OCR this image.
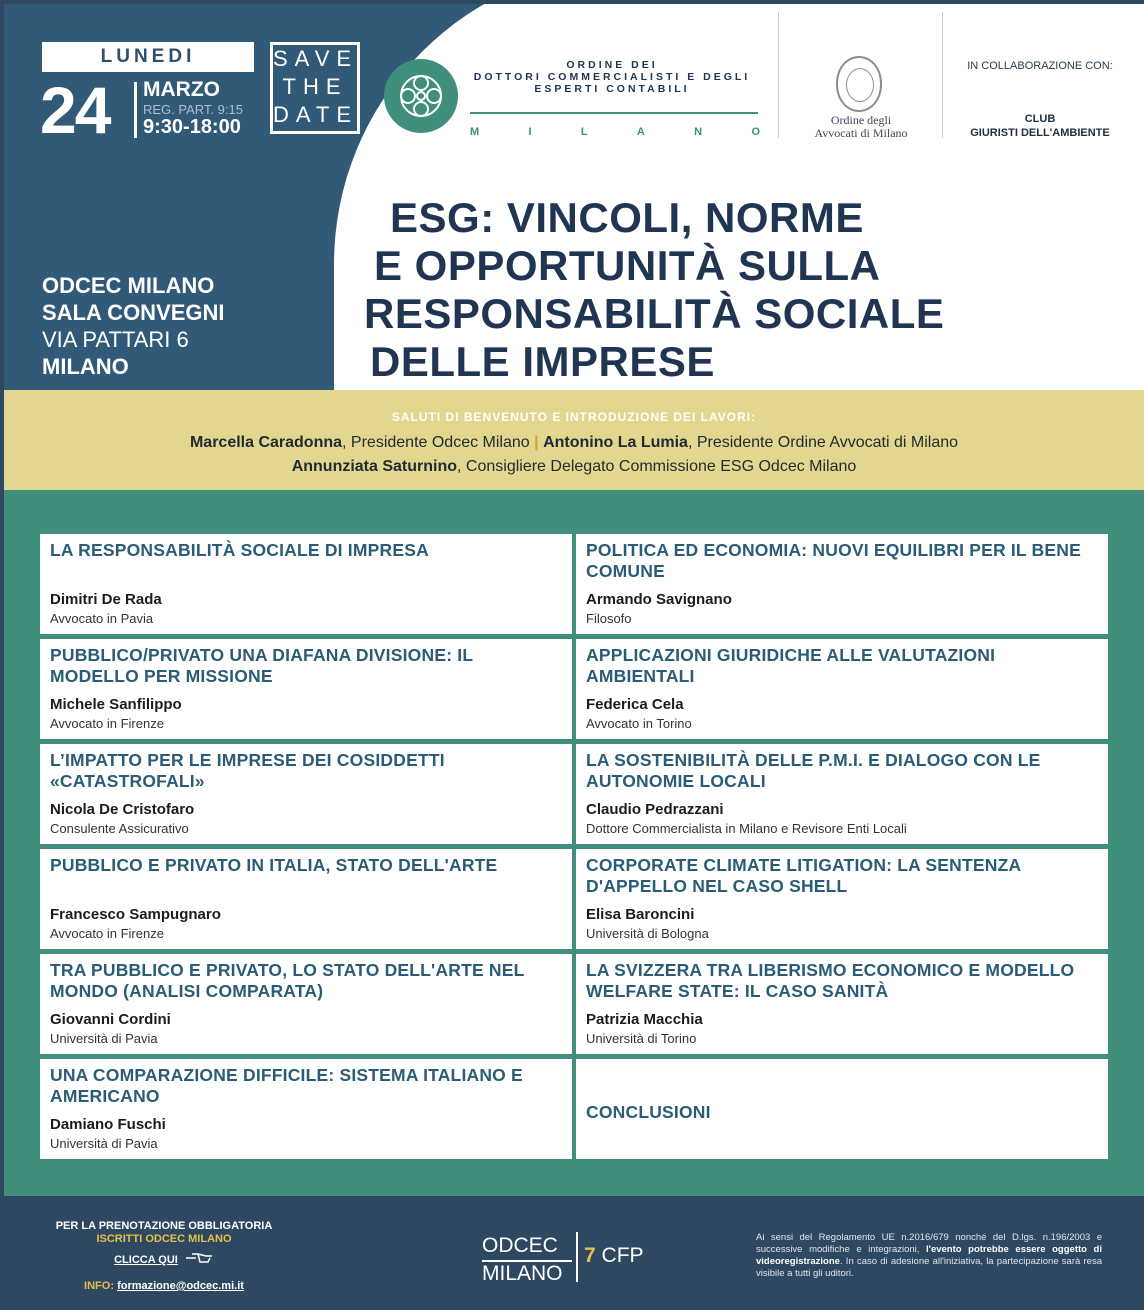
LUNEDI
24 MARZO
REG. PART. 9:15
9:30-18:00
SAVE
THE
DATE
ODCEC MILANO
SALA CONVEGNI
VIA PATTARI 6
MILANO
ORDINE DEI
DOTTORI COMMERCIALISTI E DEGLI
ESPERTI CONTABILI
M	I	L	A	N	O
Ordine degli
Avvocati di Milano
IN COLLABORAZIONE CON:
CLUB
GIURISTI DELL'AMBIENTE
ESG: VINCOLI, NORME
E OPPORTUNITÀ SULLA
RESPONSABILITÀ SOCIALE
DELLE IMPRESE
SALUTI DI BENVENUTO E INTRODUZIONE DEI LAVORI:
Marcella Caradonna, Presidente Odcec Milano | Antonino La Lumia, Presidente Ordine Avvocati di Milano
Annunziata Saturnino, Consigliere Delegato Commissione ESG Odcec Milano
LA RESPONSABILITÀ SOCIALE DI IMPRESA
Dimitri De Rada
Avvocato in Pavia
POLITICA ED ECONOMIA: NUOVI EQUILIBRI PER IL BENE COMUNE
Armando Savignano
Filosofo
PUBBLICO/PRIVATO UNA DIAFANA DIVISIONE: IL MODELLO PER MISSIONE
Michele Sanfilippo
Avvocato in Firenze
APPLICAZIONI GIURIDICHE ALLE VALUTAZIONI AMBIENTALI
Federica Cela
Avvocato in Torino
L’IMPATTO PER LE IMPRESE DEI COSIDDETTI «CATASTROFALI»
Nicola De Cristofaro
Consulente Assicurativo
LA SOSTENIBILITÀ DELLE P.M.I. E DIALOGO CON LE AUTONOMIE LOCALI
Claudio Pedrazzani
Dottore Commercialista in Milano e Revisore Enti Locali
PUBBLICO E PRIVATO IN ITALIA, STATO DELL'ARTE
Francesco Sampugnaro
Avvocato in Firenze
CORPORATE CLIMATE LITIGATION: LA SENTENZA D'APPELLO NEL CASO SHELL
Elisa Baroncini
Università di Bologna
TRA PUBBLICO E PRIVATO, LO STATO DELL'ARTE NEL MONDO (ANALISI COMPARATA)
Giovanni Cordini
Università di Pavia
LA SVIZZERA TRA LIBERISMO ECONOMICO E MODELLO WELFARE STATE: IL CASO SANITÀ
Patrizia Macchia
Università di Torino
UNA COMPARAZIONE DIFFICILE: SISTEMA ITALIANO E AMERICANO
Damiano Fuschi
Università di Pavia
CONCLUSIONI
PER LA PRENOTAZIONE OBBLIGATORIA
ISCRITTI ODCEC MILANO
CLICCA QUI
INFO: formazione@odcec.mi.it
ODCEC
MILANO
7 CFP
Ai sensi del Regolamento UE n.2016/679 nonché del D.lgs. n.196/2003 e successive modifiche e integrazioni, l'evento potrebbe essere oggetto di videoregistrazione. In caso di adesione all'iniziativa, la partecipazione sarà resa visibile a tutti gli uditori.
